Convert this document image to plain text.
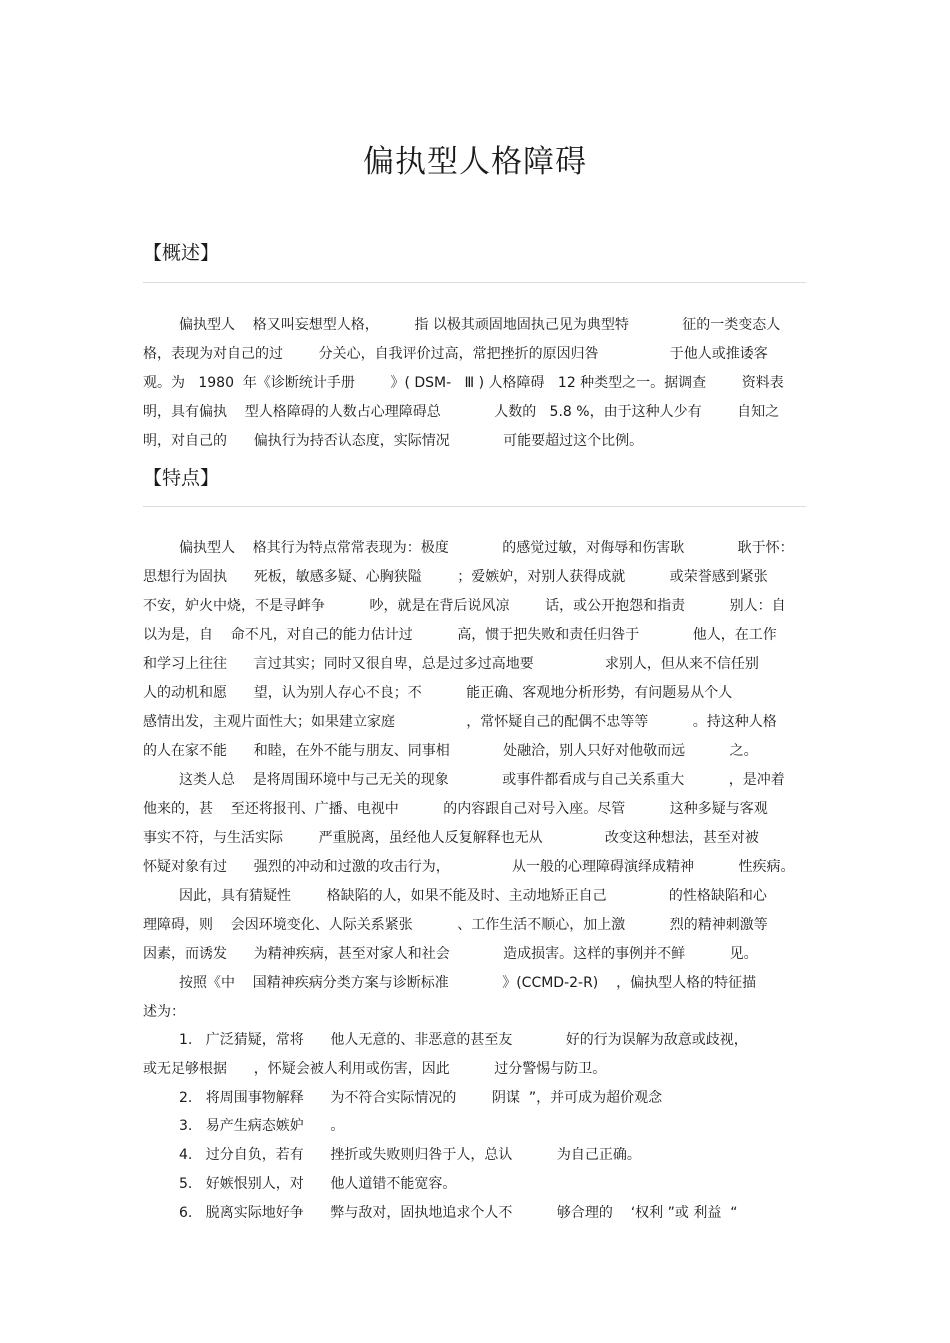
偏执型人格障碍
【概述】
偏执型人    格又叫妄想型人格，        指 以极其顽固地固执己见为典型特            征的一类变态人
格，表现为对自己的过        分关心，自我评价过高，常把挫折的原因归咎                于他人或推诿客
观。为   1980  年《诊断统计手册        》( DSM-   Ⅲ ) 人格障碍   12 种类型之一。据调查        资料表
明，具有偏执    型人格障碍的人数占心理障碍总            人数的   5.8 %，由于这种人少有        自知之
明，对自己的      偏执行为持否认态度，实际情况            可能要超过这个比例。
【特点】
偏执型人    格其行为特点常常表现为：极度            的感觉过敏，对侮辱和伤害耿            耿于怀：
思想行为固执      死板，敏感多疑、心胸狭隘        ；爱嫉妒，对别人获得成就          或荣誉感到紧张
不安，妒火中烧，不是寻衅争          吵，就是在背后说风凉        话，或公开抱怨和指责          别人：自
以为是，自    命不凡，对自己的能力估计过          高，惯于把失败和责任归咎于            他人，在工作
和学习上往往      言过其实；同时又很自卑，总是过多过高地要                求别人，但从来不信任别
人的动机和愿      望，认为别人存心不良；不          能正确、客观地分析形势，有问题易从个人
感情出发，主观片面性大；如果建立家庭                ，常怀疑自己的配偶不忠等等          。持这种人格
的人在家不能      和睦，在外不能与朋友、同事相            处融洽，别人只好对他敬而远          之。
这类人总    是将周围环境中与己无关的现象            或事件都看成与自己关系重大          ，是冲着
他来的，甚    至还将报刊、广播、电视中          的内容跟自己对号入座。尽管          这种多疑与客观
事实不符，与生活实际        严重脱离，虽经他人反复解释也无从              改变这种想法，甚至对被
怀疑对象有过      强烈的冲动和过激的攻击行为，              从一般的心理障碍演绎成精神          性疾病。
因此，具有猜疑性        格缺陷的人，如果不能及时、主动地矫正自己              的性格缺陷和心
理障碍，则    会因环境变化、人际关系紧张          、工作生活不顺心，加上激          烈的精神刺激等
因素，而诱发      为精神疾病，甚至对家人和社会            造成损害。这样的事例并不鲜          见。
按照《中    国精神疾病分类方案与诊断标准            》(CCMD-2-R)    ，偏执型人格的特征描
述为：
1.   广泛猜疑，常将      他人无意的、非恶意的甚至友            好的行为误解为敌意或歧视，
或无足够根据      ，怀疑会被人利用或伤害，因此          过分警惕与防卫。
2.   将周围事物解释      为不符合实际情况的        阴谋  ”，并可成为超价观念
3.   易产生病态嫉妒      。
4.   过分自负，若有      挫折或失败则归咎于人，总认          为自己正确。
5.   好嫉恨别人，对      他人道错不能宽容。
6.   脱离实际地好争      弊与敌对，固执地追求个人不          够合理的    ‘权利 ”或 利益  “
